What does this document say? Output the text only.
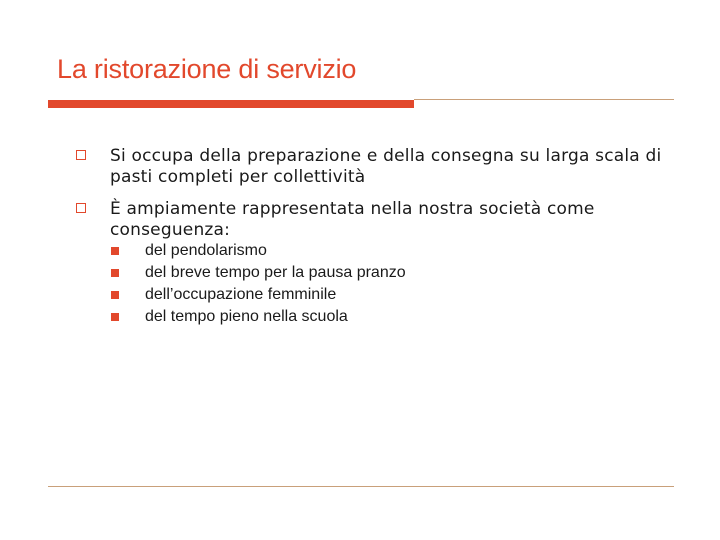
La ristorazione di servizio
Si occupa della preparazione e della consegna su larga scala di pasti completi per collettività
È ampiamente rappresentata nella nostra società come conseguenza:
del pendolarismo
del breve tempo per la pausa pranzo
dell’occupazione femminile
del tempo pieno nella scuola
